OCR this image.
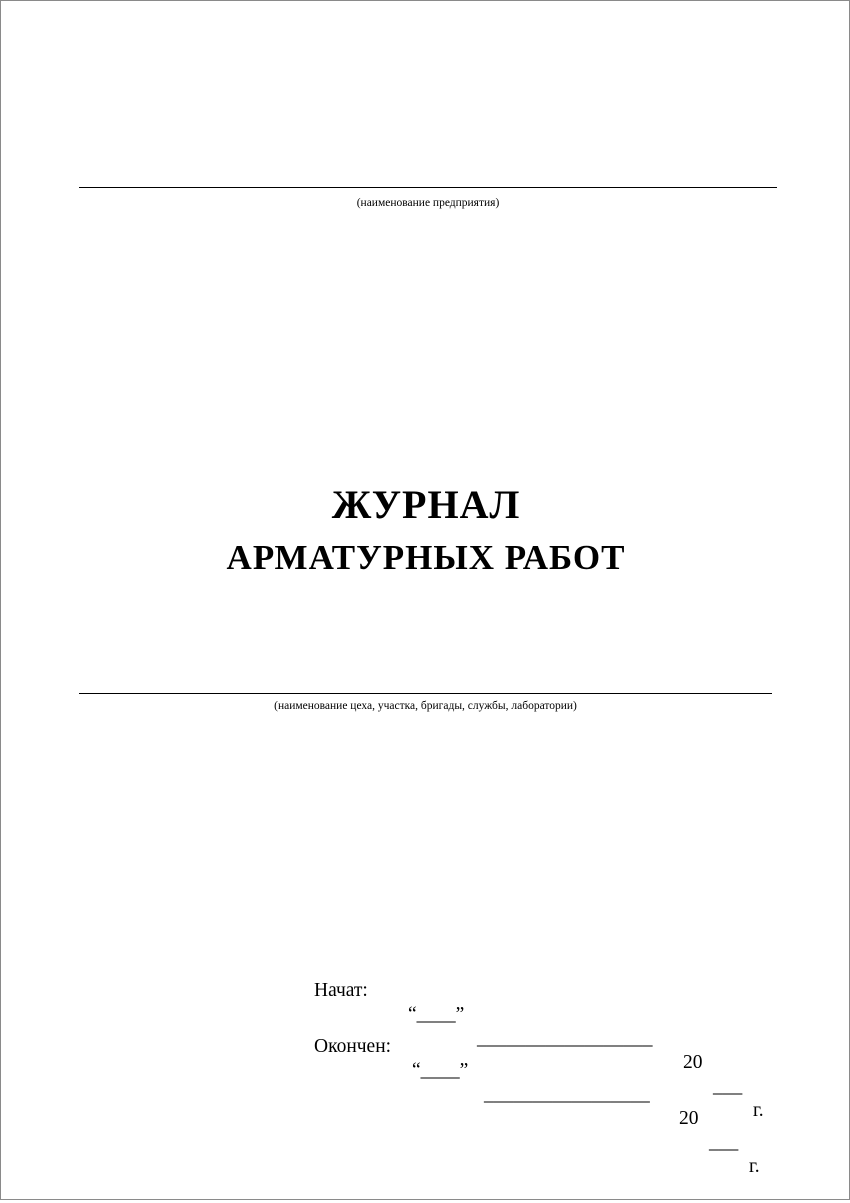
(наименование предприятия)
ЖУРНАЛ
АРМАТУРНЫХ РАБОТ
(наименование цеха, участка, бригады, службы, лаборатории)

Начат:

“____”

__________________

20

___

г.

Окончен:

“____”

_________________

20

___

г.
